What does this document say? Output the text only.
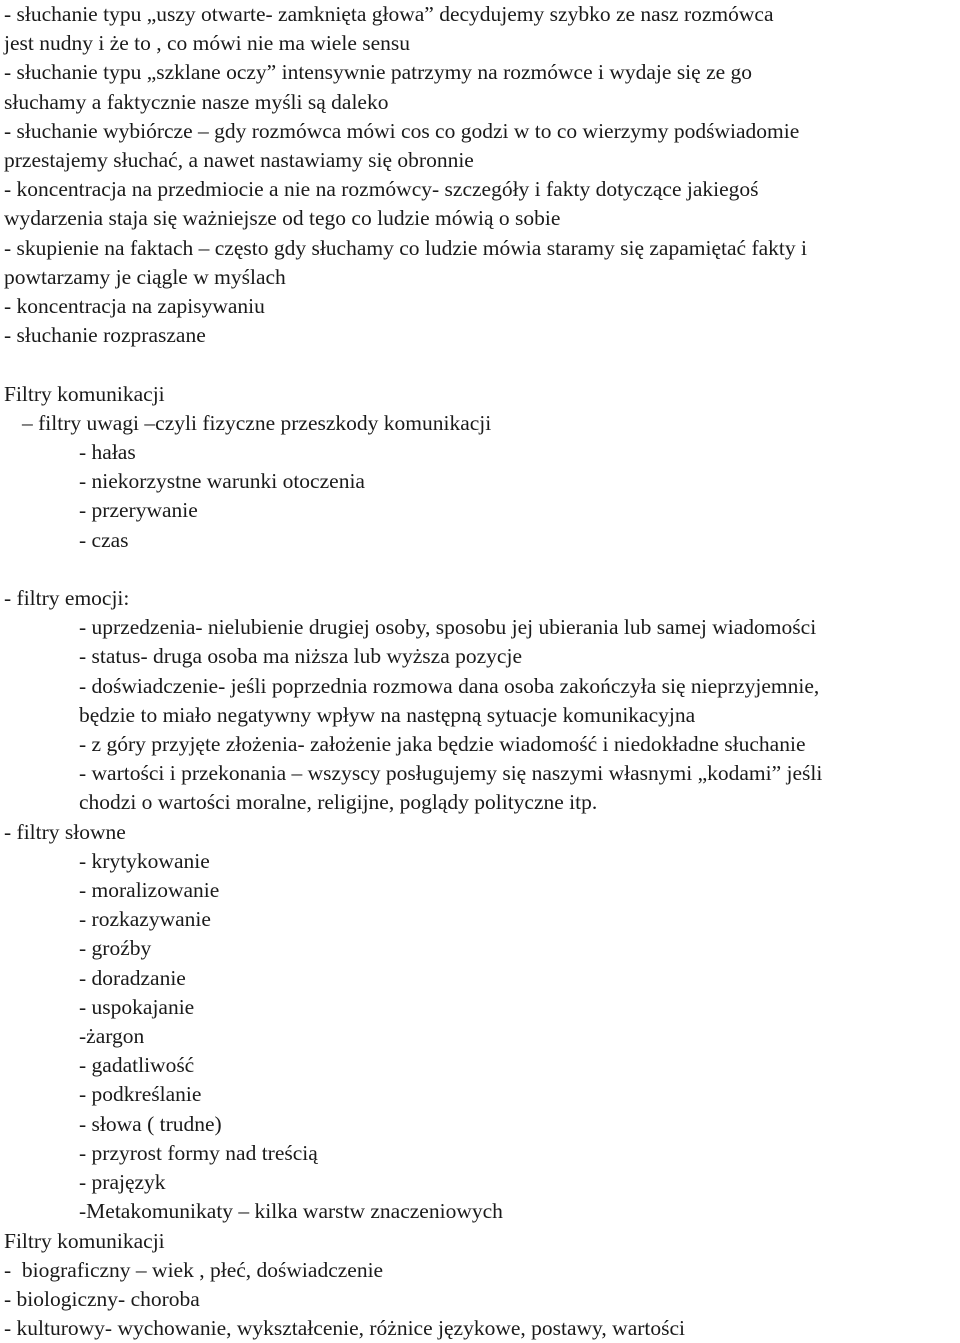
- słuchanie typu „uszy otwarte- zamknięta głowa” decydujemy szybko ze nasz rozmówca

jest nudny i że to , co mówi nie ma wiele sensu

- słuchanie typu „szklane oczy” intensywnie patrzymy na rozmówce i wydaje się ze go

słuchamy a faktycznie nasze myśli są daleko

- słuchanie wybiórcze – gdy rozmówca mówi cos co godzi w to co wierzymy podświadomie

przestajemy słuchać, a nawet nastawiamy się obronnie

- koncentracja na przedmiocie a nie na rozmówcy- szczegóły i fakty dotyczące jakiegoś

wydarzenia staja się ważniejsze od tego co ludzie mówią o sobie

- skupienie na faktach – często gdy słuchamy co ludzie mówia staramy się zapamiętać fakty i

powtarzamy je ciągle w myślach

- koncentracja na zapisywaniu

- słuchanie rozpraszane

Filtry komunikacji

– filtry uwagi –czyli fizyczne przeszkody komunikacji

- hałas

- niekorzystne warunki otoczenia

- przerywanie

- czas

- filtry emocji:

- uprzedzenia- nielubienie drugiej osoby, sposobu jej ubierania lub samej wiadomości

- status- druga osoba ma niższa lub wyższa pozycje

- doświadczenie- jeśli poprzednia rozmowa dana osoba zakończyła się nieprzyjemnie,

będzie to miało negatywny wpływ na następną sytuacje komunikacyjna

- z góry przyjęte złożenia- założenie jaka będzie wiadomość i niedokładne słuchanie

- wartości i przekonania – wszyscy posługujemy się naszymi własnymi „kodami” jeśli

chodzi o wartości moralne, religijne, poglądy polityczne itp.

- filtry słowne

- krytykowanie

- moralizowanie

- rozkazywanie

- groźby

- doradzanie

- uspokajanie

-żargon

- gadatliwość

- podkreślanie

- słowa ( trudne)

- przyrost formy nad treścią

- prajęzyk

-Metakomunikaty – kilka warstw znaczeniowych

Filtry komunikacji

-  biograficzny – wiek , płeć, doświadczenie

- biologiczny- choroba

- kulturowy- wychowanie, wykształcenie, różnice językowe, postawy, wartości
